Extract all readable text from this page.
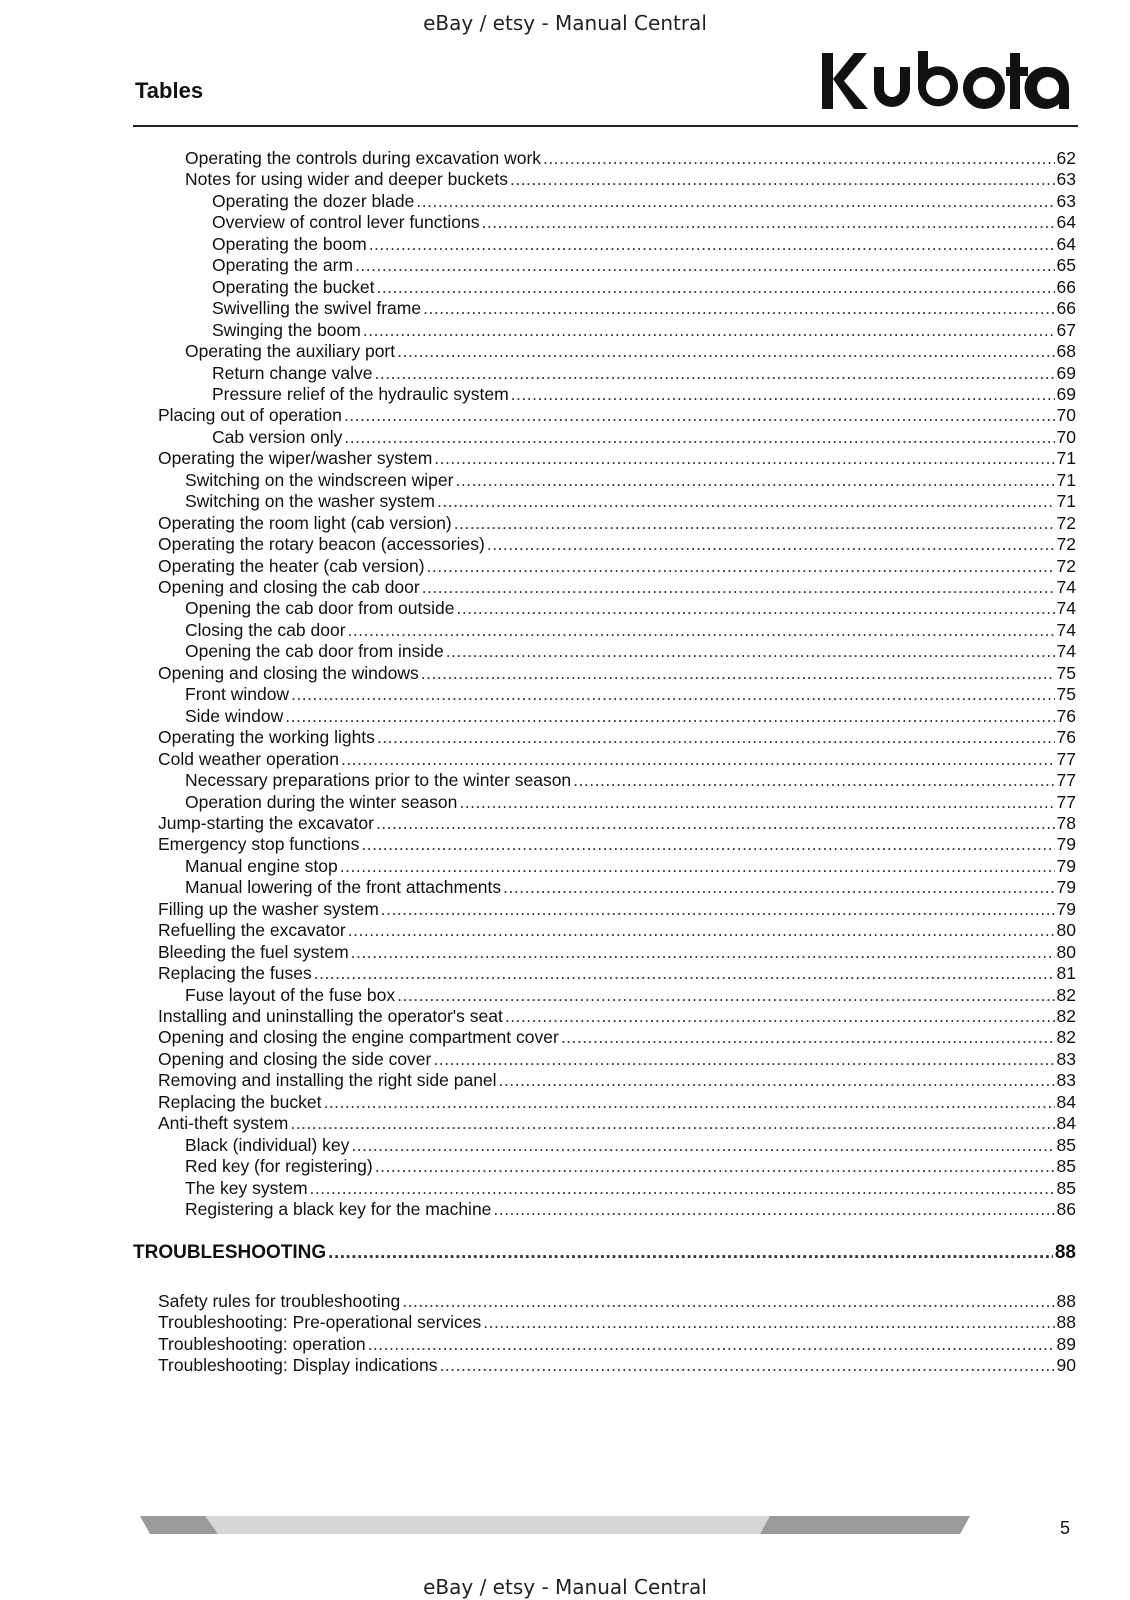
eBay / etsy - Manual Central
Tables
Operating the controls during excavation work .....	62
Notes for using wider and deeper buckets .....	63
Operating the dozer blade .....	63
Overview of control lever functions .....	64
Operating the boom .....	64
Operating the arm .....	65
Operating the bucket .....	66
Swivelling the swivel frame .....	66
Swinging the boom .....	67
Operating the auxiliary port .....	68
Return change valve .....	69
Pressure relief of the hydraulic system .....	69
Placing out of operation .....	70
Cab version only .....	70
Operating the wiper/washer system .....	71
Switching on the windscreen wiper .....	71
Switching on the washer system .....	71
Operating the room light (cab version) .....	72
Operating the rotary beacon (accessories) .....	72
Operating the heater (cab version) .....	72
Opening and closing the cab door .....	74
Opening the cab door from outside .....	74
Closing the cab door .....	74
Opening the cab door from inside .....	74
Opening and closing the windows .....	75
Front window .....	75
Side window .....	76
Operating the working lights .....	76
Cold weather operation .....	77
Necessary preparations prior to the winter season .....	77
Operation during the winter season .....	77
Jump-starting the excavator .....	78
Emergency stop functions .....	79
Manual engine stop .....	79
Manual lowering of the front attachments .....	79
Filling up the washer system .....	79
Refuelling the excavator .....	80
Bleeding the fuel system .....	80
Replacing the fuses .....	81
Fuse layout of the fuse box .....	82
Installing and uninstalling the operator's seat .....	82
Opening and closing the engine compartment cover .....	82
Opening and closing the side cover .....	83
Removing and installing the right side panel .....	83
Replacing the bucket .....	84
Anti-theft system .....	84
Black (individual) key .....	85
Red key (for registering) .....	85
The key system .....	85
Registering a black key for the machine .....	86
TROUBLESHOOTING .....	88
Safety rules for troubleshooting .....	88
Troubleshooting: Pre-operational services .....	88
Troubleshooting: operation .....	89
Troubleshooting: Display indications .....	90
5
eBay / etsy - Manual Central
